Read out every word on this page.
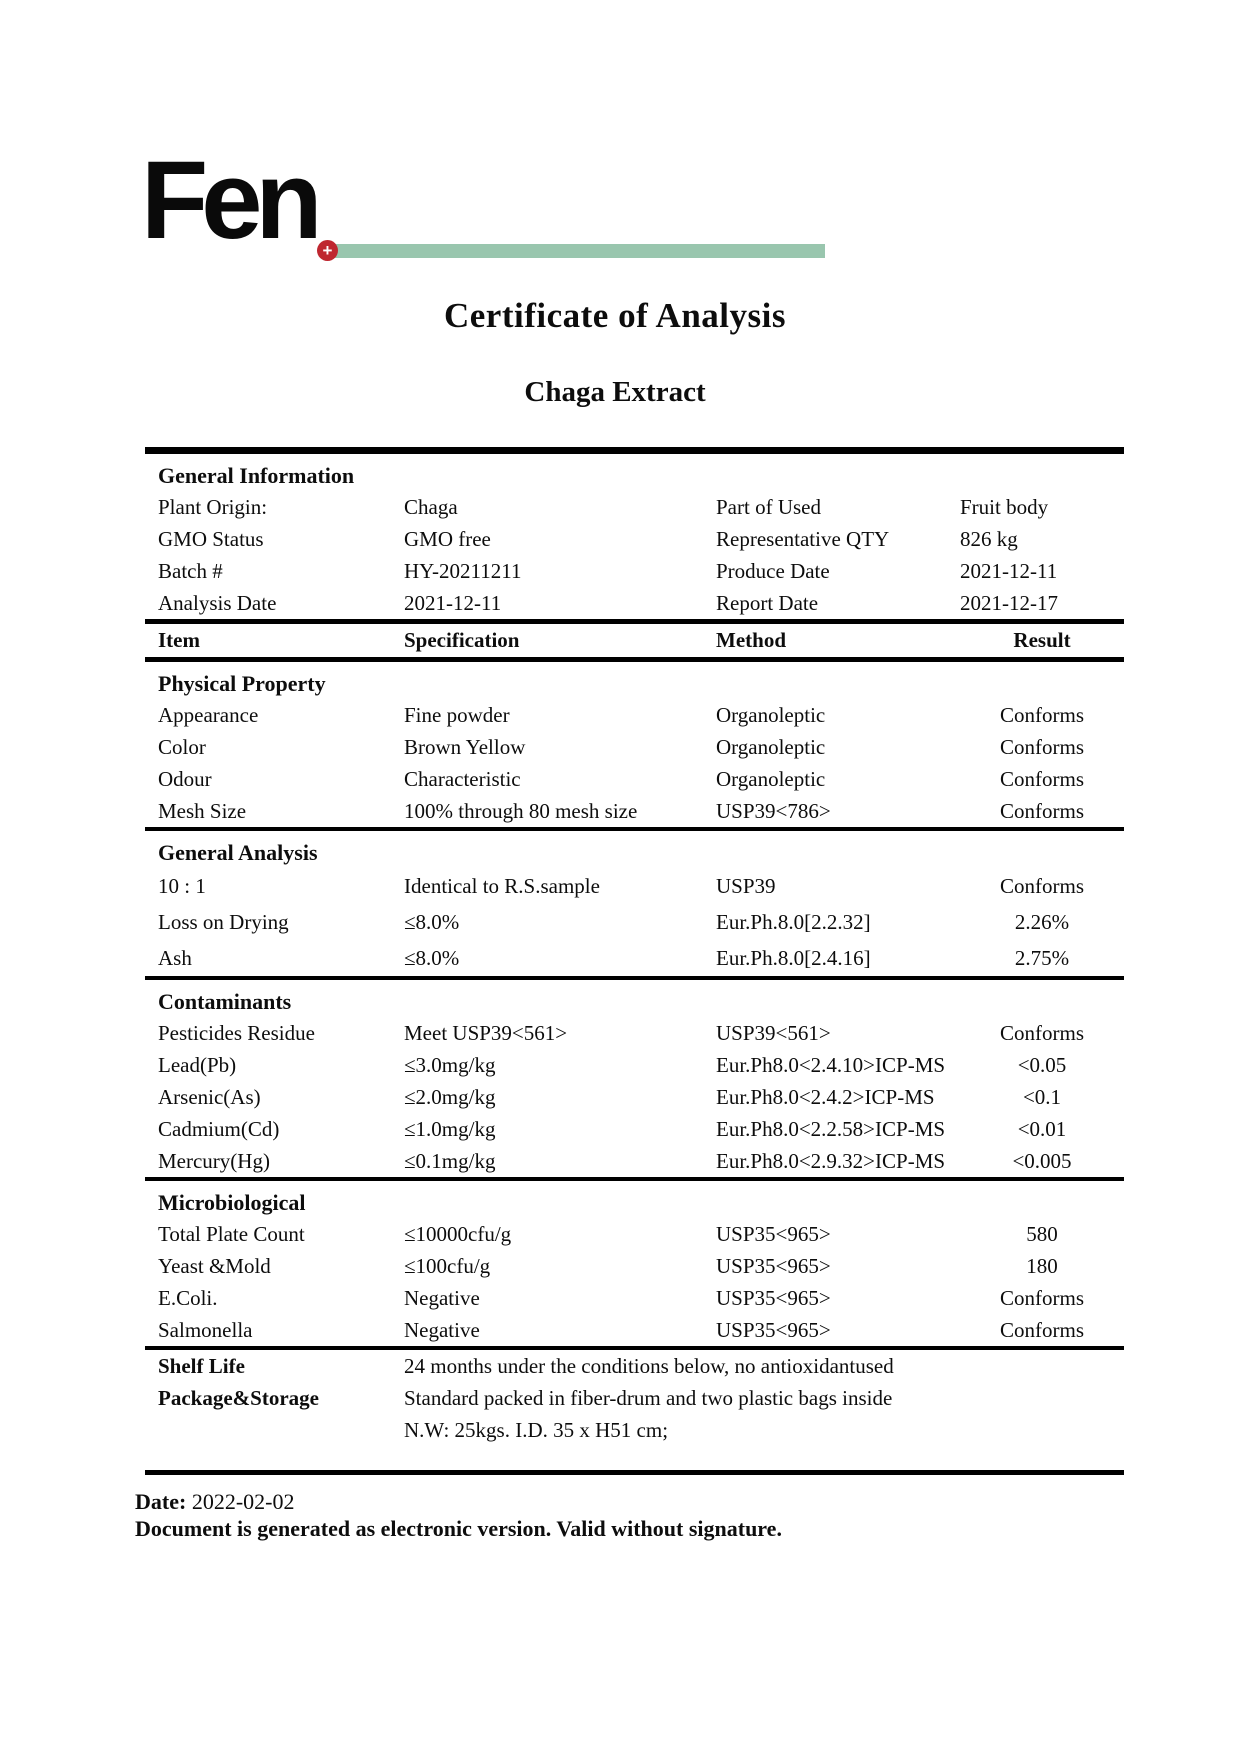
Fen +
Certificate of Analysis
Chaga Extract
General Information
Plant Origin:	Chaga	Part of Used	Fruit body
GMO Status	GMO free	Representative QTY	826 kg
Batch #	HY-20211211	Produce Date	2021-12-11
Analysis Date	2021-12-11	Report Date	2021-12-17
Item	Specification	Method	Result
Physical Property
Appearance	Fine powder	Organoleptic	Conforms
Color	Brown Yellow	Organoleptic	Conforms
Odour	Characteristic	Organoleptic	Conforms
Mesh Size	100% through 80 mesh size	USP39<786>	Conforms
General Analysis
10 : 1	Identical to R.S.sample	USP39	Conforms
Loss on Drying	≤8.0%	Eur.Ph.8.0[2.2.32]	2.26%
Ash	≤8.0%	Eur.Ph.8.0[2.4.16]	2.75%
Contaminants
Pesticides Residue	Meet USP39<561>	USP39<561>	Conforms
Lead(Pb)	≤3.0mg/kg	Eur.Ph8.0<2.4.10>ICP-MS	<0.05
Arsenic(As)	≤2.0mg/kg	Eur.Ph8.0<2.4.2>ICP-MS	<0.1
Cadmium(Cd)	≤1.0mg/kg	Eur.Ph8.0<2.2.58>ICP-MS	<0.01
Mercury(Hg)	≤0.1mg/kg	Eur.Ph8.0<2.9.32>ICP-MS	<0.005
Microbiological
Total Plate Count	≤10000cfu/g	USP35<965>	580
Yeast &Mold	≤100cfu/g	USP35<965>	180
E.Coli.	Negative	USP35<965>	Conforms
Salmonella	Negative	USP35<965>	Conforms
Shelf Life	24 months under the conditions below, no antioxidantused
Package&Storage	Standard packed in fiber-drum and two plastic bags inside
N.W: 25kgs. I.D. 35 x H51 cm;
Date: 2022-02-02
Document is generated as electronic version. Valid without signature.
